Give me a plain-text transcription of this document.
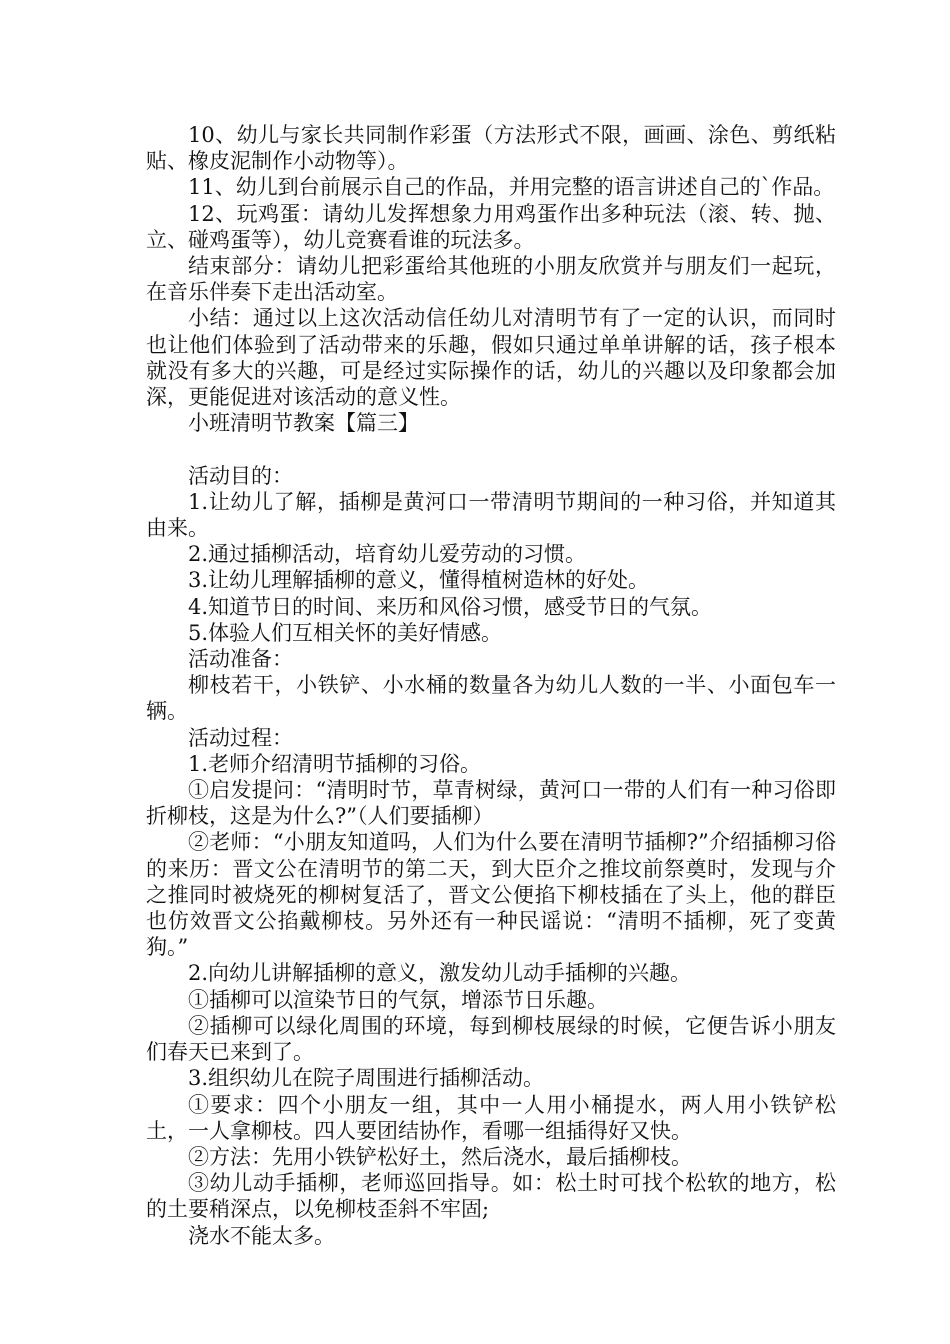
10、幼儿与家长共同制作彩蛋（方法形式不限，画画、涂色、剪纸粘贴、橡皮泥制作小动物等）。

11、幼儿到台前展示自己的作品，并用完整的语言讲述自己的`作品。

12、玩鸡蛋：请幼儿发挥想象力用鸡蛋作出多种玩法（滚、转、抛、立、碰鸡蛋等），幼儿竞赛看谁的玩法多。

结束部分：请幼儿把彩蛋给其他班的小朋友欣赏并与朋友们一起玩，在音乐伴奏下走出活动室。

小结：通过以上这次活动信任幼儿对清明节有了一定的认识，而同时也让他们体验到了活动带来的乐趣，假如只通过单单讲解的话，孩子根本就没有多大的兴趣，可是经过实际操作的话，幼儿的兴趣以及印象都会加深，更能促进对该活动的意义性。

小班清明节教案【篇三】

活动目的：

1.让幼儿了解，插柳是黄河口一带清明节期间的一种习俗，并知道其由来。

2.通过插柳活动，培育幼儿爱劳动的习惯。

3.让幼儿理解插柳的意义，懂得植树造林的好处。

4.知道节日的时间、来历和风俗习惯，感受节日的气氛。

5.体验人们互相关怀的美好情感。

活动准备：

柳枝若干，小铁铲、小水桶的数量各为幼儿人数的一半、小面包车一辆。

活动过程：

1.老师介绍清明节插柳的习俗。

①启发提问：“清明时节，草青树绿，黄河口一带的人们有一种习俗即折柳枝，这是为什么?”（人们要插柳）

②老师：“小朋友知道吗，人们为什么要在清明节插柳?”介绍插柳习俗的来历：晋文公在清明节的第二天，到大臣介之推坟前祭奠时，发现与介之推同时被烧死的柳树复活了，晋文公便掐下柳枝插在了头上，他的群臣也仿效晋文公掐戴柳枝。另外还有一种民谣说：“清明不插柳，死了变黄狗。”

2.向幼儿讲解插柳的意义，激发幼儿动手插柳的兴趣。

①插柳可以渲染节日的气氛，增添节日乐趣。

②插柳可以绿化周围的环境，每到柳枝展绿的时候，它便告诉小朋友们春天已来到了。

3.组织幼儿在院子周围进行插柳活动。

①要求：四个小朋友一组，其中一人用小桶提水，两人用小铁铲松土，一人拿柳枝。四人要团结协作，看哪一组插得好又快。

②方法：先用小铁铲松好土，然后浇水，最后插柳枝。

③幼儿动手插柳，老师巡回指导。如：松土时可找个松软的地方，松的土要稍深点，以免柳枝歪斜不牢固;

浇水不能太多。
